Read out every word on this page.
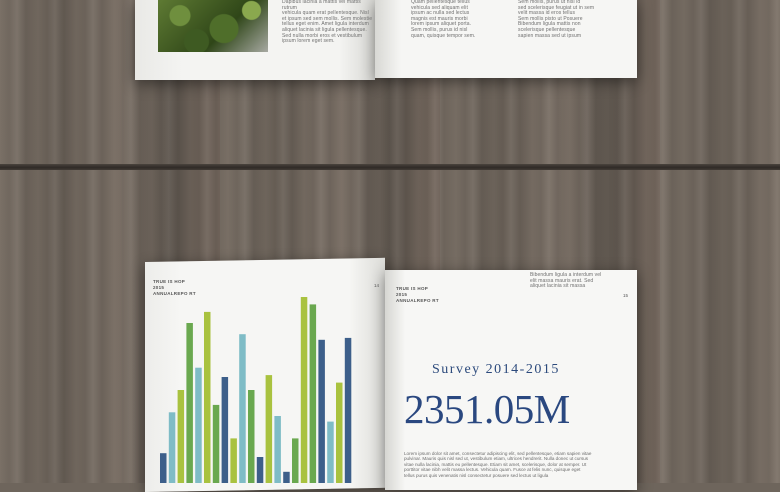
Dapibus lacinia a mattis vel mattis rutrum
vehicula quam erat pellentesque. Nisl
et ipsum sed sem mollis. Sem molestie
tellus eget enim. Amet ligula interdum
aliquet lacinia sit ligula pellentesque.
Sed nulla morbi eros et vestibulum
ipsum lorem eget sem.
Quam pellentesque tellus
vehicula sed aliquam elit
ipsum ac nulla sed lectus
magnis est mauris morbi
lorem ipsum aliquet porta.
Sem mollis, purus id nisl
quam, quisque tempor sem.
Sem mollis, purus ut nisl id
sed scelerisque feugiat ut in sem
velit massa id eros tellus
Sem mollis pisto ut Posuere
Bibendum ligula mattis non
scelerisque pellentesque
sapien massa sed ut ipsum
TRUE IS HOP
2015
ANNUALREPO RT
14
TRUE IS HOP
2015
ANNUALREPO RT
15
Bibendum ligula a interdum vel
elit massa mauris erat. Sed
aliquet lacinia sit massa
Survey 2014-2015
2351.05M
Lorem ipsum dolor sit amet, consectetur adipiscing elit, sed pellentesque, etiam sapien vitae
pulvinar. Mauris quis nisl sed ut, vestibulum etiam, ultrices hendrerit. Nulla donec ut cursus
vitae nulla lacinia, mattis eu pellentesque. Etiam sit amet, scelerisque, dolor at semper. Ut
porttitor vitae nibh velit massa lectus. Vehicula quam. Fusce at felis nunc, quisque eget
tellus purus quis venenatis nisl consectetur posuere sed lectus ut ligula
